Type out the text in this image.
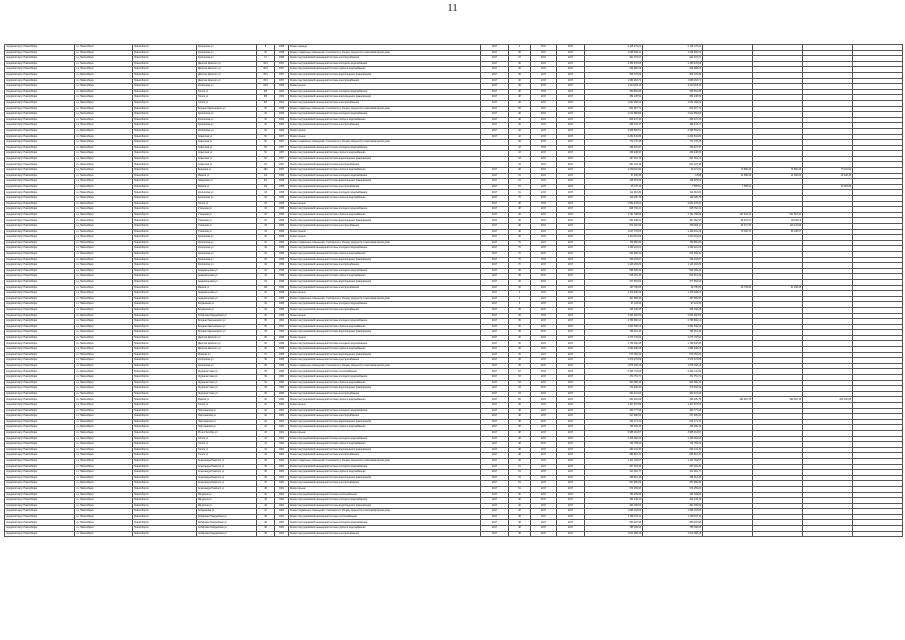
11
городской округ Новосибирск	г.о. Новосибирск	Новосибирск г	Кропоткина ул	9	1958	Ремонт фасада	2017	4	2017	2017	2 145 175,22	2 145 175,22				
городской округ Новосибирск	г.о. Новосибирск	Новосибирск г	Кропоткина ул	32	1958	Ремонт подвальных помещений, относящихся к общему имуществу в многоквартирном доме	2017	36	2017	2017	1 068 459,41	1 068 459,41				
городской округ Новосибирск	г.о. Новосибирск	Новосибирск г	Кропоткина ул	11	1958	Ремонт внутридомовой инженерной системы электроснабжения	2017	37	2017	2017	921 373,27	921 373,27				
городской округ Новосибирск	г.о. Новосибирск	Новосибирск г	Дмитрия Донского ул	35/1	1957	Ремонт внутридомовой инженерной системы холодного водоснабжения	2017	46	2017	2017	1 359 478,68	1 359 478,68				
городской округ Новосибирск	г.о. Новосибирск	Новосибирск г	Дмитрия Донского ул	35/1	1957	Ремонт внутридомовой инженерной системы горячего водоснабжения	2017	46	2017	2017	946 968,03	946 968,03				
городской округ Новосибирск	г.о. Новосибирск	Новосибирск г	Дмитрия Донского ул	35/1	1957	Ремонт внутридомовой инженерной системы водоотведения (канализации)	2017	46	2017	2017	506 376,09	506 376,09				
городской округ Новосибирск	г.о. Новосибирск	Новосибирск г	Дмитрия Донского ул	35/1	1957	Ремонт внутридомовой инженерной системы электроснабжения	2017	46	2017	2017	1 680 263,71	1 680 263,71				
городской округ Новосибирск	г.о. Новосибирск	Новосибирск г	Кропоткина ул	33/3	1958	Ремонт крыши	2017	45	2017	2017	2 243 263,11	2 243 263,11				
городской округ Новосибирск	г.о. Новосибирск	Новосибирск г	Гоголя ул	9/6	1962	Ремонт внутридомовой инженерной системы холодного водоснабжения	2017	48	2017	2017	959 864,88	959 864,88				
городской округ Новосибирск	г.о. Новосибирск	Новосибирск г	Гоголя ул	9/6	1962	Ремонт внутридомовой инженерной системы водоотведения (канализации)	2017	48	2017	2017	354 245,52	354 245,52				
городской округ Новосибирск	г.о. Новосибирск	Новосибирск г	Гоголя ул	9/6	1962	Ремонт внутридомовой инженерной системы электроснабжения	2017	48	2017	2017	1 061 268,42	1 061 268,42				
городской округ Новосибирск	г.о. Новосибирск	Новосибирск г	Богдана Хмельницкого ул	32	1958	Ремонт подвальных помещений, относящихся к общему имуществу в многоквартирном доме	2017	56	2017	2017	822 697,71	822 697,71				
городской округ Новосибирск	г.о. Новосибирск	Новосибирск г	Кропоткина ул	32	1962	Ремонт внутридомовой инженерной системы холодного водоснабжения	2017	48	2017	2017	1 612 856,86	1 612 856,86				
городской округ Новосибирск	г.о. Новосибирск	Новосибирск г	Кропоткина ул	32	1962	Ремонт внутридомовой инженерной системы горячего водоснабжения	2017	48	2017	2017	826 472,32	826 472,32				
городской округ Новосибирск	г.о. Новосибирск	Новосибирск г	Кропоткина ул	32	1962	Ремонт внутридомовой инженерной системы электроснабжения	2017	49	2017	2017	485 433,17	485 433,17				
городской округ Новосибирск	г.о. Новосибирск	Новосибирск г	Кропоткина ул	32	1962	Ремонт крыши	2017	42	2017	2017	2 968 584,51	2 968 584,51				
городской округ Новосибирск	г.о. Новосибирск	Новосибирск г	Советская ул	52	1957	Ремонт крыши	2017	42	2017	2017	2 262 841,86	2 262 841,86				
городской округ Новосибирск	г.о. Новосибирск	Новосибирск г	Советская ул	52	1957	Ремонт подвальных помещений, относящихся к общему имуществу в многоквартирном доме		56	2017	2017	774 776,48	774 776,48				
городской округ Новосибирск	г.о. Новосибирск	Новосибирск г	Советская ул	52	1957	Ремонт внутридомовой инженерной системы холодного водоснабжения		43	2017	2017	469 972,97	469 972,97				
городской округ Новосибирск	г.о. Новосибирск	Новосибирск г	Советская ул	52	1957	Ремонт внутридомовой инженерной системы горячего водоснабжения		43	2017	2017	269 448,93	269 448,93				
городской округ Новосибирск	г.о. Новосибирск	Новосибирск г	Советская ул	52	1957	Ремонт внутридомовой инженерной системы водоотведения (канализации)		43	2017	2017	497 261,73	497 261,73				
городской округ Новосибирск	г.о. Новосибирск	Новосибирск г	Советская ул	52	1957	Ремонт внутридомовой инженерной системы электроснабжения		43	2017	2017	861 223,19	861 223,19				
городской округ Новосибирск	г.о. Новосибирск	Новосибирск г	Бердская ул	28а	1957	Ремонт внутридомовой инженерной системы горячего водоснабжения	2017	38	2017	2017	1 039 611,90	63 371,82	76 882,28	76 882,28	75 115,62	
городской округ Новосибирск	г.о. Новосибирск	Новосибирск г	Марата ул	1/6	1958	Ремонт внутридомовой инженерной системы холодного водоснабжения	2017	61	2017	2017	57 238,38	8 845	14 508,06	14 508,06	20 428,18	
городской округ Новосибирск	г.о. Новосибирск	Новосибирск г	Абакумова ул	5/1	1958	Ремонт внутридомовой инженерной системы водоотведения (канализации)	2017	61	2017	2017	128 979,02	128 979,02				
городской округ Новосибирск	г.о. Новосибирск	Новосибирск г	Марата ул	1/6	1958	Ремонт внутридомовой инженерной системы электроснабжения	2017	61	2017	2017	25 175,16	7 555,61	7 555,61		10 063,85	
городской округ Новосибирск	г.о. Новосибирск	Новосибирск г	Кропоткина ул	33	1958	Ремонт внутридомовой инженерной системы холодного водоснабжения	2017	61	2017	2017	111 912,84	111 912,84				
городской округ Новосибирск	г.о. Новосибирск	Новосибирск г	Кропоткина ул	33	1958	Ремонт внутридомовой инженерной системы горячего водоснабжения	2017	76	2017	2017	149 036,79	149 036,79				
городской округ Новосибирск	г.о. Новосибирск	Новосибирск г	Гоголя ул	33	1958	Ремонт крыши	2017	48	2017	2017	4 652 478,64	4 652 478,64				
городской округ Новосибирск	г.о. Новосибирск	Новосибирск г	Уткинская ул	33	1958	Ремонт внутридомовой инженерной системы холодного водоснабжения	2017	48	2017	2017	625 762,21	625 762,21				
городской округ Новосибирск	г.о. Новосибирск	Новосибирск г	Уткинская ул	33	1959	Ремонт внутридомовой инженерной системы горячего водоснабжения	2017	48	2017	2017	1 791 788,65	1 781 788,65	161 542,21	202 597,51		
городской округ Новосибирск	г.о. Новосибирск	Новосибирск г	Уткинская ул	33	1959	Ремонт внутридомовой инженерной системы водоотведения (канализации)	2017	48	2017	2017	661 938,61	457 064,97	86 972,07	118 864,9		
городской округ Новосибирск	г.о. Новосибирск	Новосибирск г	Уткинская ул	33	1959	Ремонт внутридомовой инженерной системы электроснабжения	2017	48	2017	2017	572 462,52	368 683,11	25 471,78	113 443,98		
городской округ Новосибирск	г.о. Новосибирск	Новосибирск г	Уткинская ул	33	1959	Ремонт крыши	2017	48	2017	2017	1 017 778,06	1 448 941,19	70 032,70	66 198,57		
городской округ Новосибирск	г.о. Новосибирск	Новосибирск г	Кропоткина ул	32	1956	Ремонт крыши	2017	48	2017	2017	1 912 811,64	1 912 811,64				
городской округ Новосибирск	г.о. Новосибирск	Новосибирск г	Кропоткина ул	32	1956	Ремонт подвальных помещений, относящихся к общему имуществу в многоквартирном доме	2017	70	2017	2017	759 856,86	759 856,86				
городской округ Новосибирск	г.о. Новосибирск	Новосибирск г	Кропоткина ул	33	1959	Ремонт внутридомовой инженерной системы холодного водоснабжения	2017	70	2017	2017	1 269 224,04	1 269 224,04				
городской округ Новосибирск	г.о. Новосибирск	Новосибирск г	Кропоткина ул	32	1959	Ремонт внутридомовой инженерной системы горячего водоснабжения	2017	70	2017	2017	624 966,91	624 966,91				
городской округ Новосибирск	г.о. Новосибирск	Новосибирск г	Кропоткина ул	32	1959	Ремонт внутридомовой инженерной системы водоотведения (канализации)	2017	70	2017	2017	336 233,87	336 233,87				
городской округ Новосибирск	г.о. Новосибирск	Новосибирск г	Кропоткина ул	32	1959	Ремонт внутридомовой инженерной системы электроснабжения	2017	70	2017	2017	1 146 293,29	1 146 293,29				
городской округ Новосибирск	г.о. Новосибирск	Новосибирск г	Академическая ул	34	1958	Ремонт внутридомовой инженерной системы холодного водоснабжения	2017	45	2017	2017	599 389,42	599 389,42				
городской округ Новосибирск	г.о. Новосибирск	Новосибирск г	Академическая ул	34	1958	Ремонт внутридомовой инженерной системы горячего водоснабжения	2017	45	2017	2017	815 251,26	815 251,26				
городской округ Новосибирск	г.о. Новосибирск	Новосибирск г	Академическая ул	34	1958	Ремонт внутридомовой инженерной системы водоотведения (канализации)	2017	45	2017	2017	577 654,64	577 654,64				
городской округ Новосибирск	г.о. Новосибирск	Новосибирск г	Марата ул	115	1958	Ремонт внутридомовой инженерной системы электроснабжения	2017	45	2017	2017	137 790,05	26 735,60	26 735,60	61 158,28		
городской округ Новосибирск	г.о. Новосибирск	Новосибирск г	Академическая ул	34	1958	Ремонт крыши	2017	4	2017	2017	1 378 408,24	1 378 408,24				
городской округ Новосибирск	г.о. Новосибирск	Новосибирск г	Академическая ул	34	1958	Ремонт подвальных помещений, относящихся к общему имуществу в многоквартирном доме	2017	4	2017	2017	497 865,65	497 865,65				
городской округ Новосибирск	г.о. Новосибирск	Новосибирск г	Богдашкина ул	34	1958	Ремонт внутридомовой инженерной системы холодного водоснабжения	2017	6	2017	2017	97 123,06	97 123,06				
городской округ Новосибирск	г.о. Новосибирск	Новосибирск г	Богдашкина ул	34	1958	Ремонт внутридомовой инженерной системы электроснабжения	2017	45	2017	2017	436 336,28	436 336,28				
городской округ Новосибирск	г.о. Новосибирск	Новосибирск г	Сибирская Гвардейская ул	34	1958	Ремонт крыши	2017	45	2017	2017	1 523 002,53	1 523 002,53				
городской округ Новосибирск	г.о. Новосибирск	Новосибирск г	Богдана Хмельницкого ул	35	1954	Ремонт внутридомовой инженерной системы холодного водоснабжения	2017	45	2017	2017	2 769 692,14	2 769 692,14				
городской округ Новосибирск	г.о. Новосибирск	Новосибирск г	Богдана Хмельницкого ул	35	1954	Ремонт внутридомовой инженерной системы горячего водоснабжения	2017	45	2017	2017	1 944 536,13	1 944 536,13				
городской округ Новосибирск	г.о. Новосибирск	Новосибирск г	Богдана Хмельницкого ул	35	1954	Ремонт внутридомовой инженерной системы водоотведения (канализации)	2017	45	2017	2017	796 261,46	796 261,46				
городской округ Новосибирск	г.о. Новосибирск	Новосибирск г	Дмитрия Донского ул	36	1958	Ремонт крыши	2017	45	2017	2017	4 273 734,62	4 273 734,62				
городской округ Новосибирск	г.о. Новосибирск	Новосибирск г	Дмитрия Донского ул	36	1958	Ремонт внутридомовой инженерной системы холодного водоснабжения	2017	45	2017	2017	1 769 632,38	1 769 632,38				
городской округ Новосибирск	г.о. Новосибирск	Новосибирск г	Дмитрия Донского ул	36	1958	Ремонт внутридомовой инженерной системы горячего водоснабжения	2017	45	2017	2017	1 866 408,28	1 866 408,28				
городской округ Новосибирск	г.о. Новосибирск	Новосибирск г	Морская ул	37	1958	Ремонт внутридомовой инженерной системы водоотведения (канализации)	2017	45	2017	2017	573 352,02	573 352,02				
городской округ Новосибирск	г.о. Новосибирск	Новосибирск г	Кропоткина ул	38	1958	Ремонт внутридомовой инженерной системы электроснабжения	2017	45	2017	2017	1 978 476,89	1 978 476,89				
городской округ Новосибирск	г.о. Новосибирск	Новосибирск г	Кропоткина ул	38	1958	Ремонт подвальных помещений, относящихся к общему имуществу в многоквартирном доме	2017	45	2017	2017	1 875 192,16	1 875 192,16				
городской округ Новосибирск	г.о. Новосибирск	Новосибирск г	Журналистская ул	39	1960	Ремонт внутридомовой инженерной системы теплоснабжения	2017	53	2017	2017	2 426 741,06	2 426 741,06				
городской округ Новосибирск	г.о. Новосибирск	Новосибирск г	Журналистская ул	39	1960	Ремонт внутридомовой инженерной системы холодного водоснабжения	2017	53	2017	2017	471 751,71	471 751,71				
городской округ Новосибирск	г.о. Новосибирск	Новосибирск г	Журналистская ул	39	1960	Ремонт внутридомовой инженерной системы горячего водоснабжения	2017	53	2017	2017	963 080,46	963 080,46				
городской округ Новосибирск	г.о. Новосибирск	Новосибирск г	Журналистская ул	39	1960	Ремонт внутридомовой инженерной системы водоотведения (канализации)	2017	53	2017	2017	376 456,92	376 456,92				
городской округ Новосибирск	г.о. Новосибирск	Новосибирск г	Журналистская ул	39	1960	Ремонт внутридомовой инженерной системы электроснабжения	2017	53	2017	2017	932 421,06	932 421,06				
городской округ Новосибирск	г.о. Новосибирск	Новосибирск г	Марата ул	40	1960	Ремонт внутридомовой инженерной системы горячего водоснабжения	2017	55	2017	2017	820 204,99	168 495,75	192 615,78	192 615,78	200 125,68	
городской округ Новосибирск	г.о. Новосибирск	Новосибирск г	Гоголя ул	41	1961	Ремонт крыши	2017	48	2017	2017	1 347 637,84	1 347 637,84				
городской округ Новосибирск	г.о. Новосибирск	Новосибирск г	Партизанская ул	42	1961	Ремонт внутридомовой инженерной системы холодного водоснабжения	2017	48	2017	2017	463 777,08	463 777,08				
городской округ Новосибирск	г.о. Новосибирск	Новосибирск г	Партизанская ул	42	1961	Ремонт внутридомовой инженерной системы электроснабжения	2017	48	2017	2017	517 908,66	517 908,66				
городской округ Новосибирск	г.о. Новосибирск	Новосибирск г	Партизанская ул	42	1961	Ремонт внутридомовой инженерной системы водоотведения (канализации)	2017	48	2017	2017	224 171,61	224 171,61				
городской округ Новосибирск	г.о. Новосибирск	Новосибирск г	Партизанская ул	42	1961	Ремонт внутридомовой инженерной системы горячего водоснабжения	2017	48	2017	2017	736 609,15	736 609,15				
городской округ Новосибирск	г.о. Новосибирск	Новосибирск г	25 лет Октября ул	43	1961	Ремонт крыши	2017	48	2017	2017	3 985 161,57	3 985 161,57				
городской округ Новосибирск	г.о. Новосибирск	Новосибирск г	Гоголя ул	44	1961	Ремонт внутридомовой инженерной системы холодного водоснабжения	2017	48	2017	2017	1 228 062,63	1 228 062,63				
городской округ Новосибирск	г.о. Новосибирск	Новосибирск г	Гоголя ул	44	1961	Ремонт внутридомовой инженерной системы горячего водоснабжения	2017	48	2017	2017	724 759,02	724 759,02				
городской округ Новосибирск	г.о. Новосибирск	Новосибирск г	Гоголя ул	44	1961	Ремонт внутридомовой инженерной системы водоотведения (канализации)	2017	48	2017	2017	293 134,36	293 134,36				
городской округ Новосибирск	г.о. Новосибирск	Новосибирск г	Гоголя ул	44	1961	Ремонт внутридомовой инженерной системы электроснабжения	2017	48	2017	2017	886 810,31	886 810,31				
городской округ Новосибирск	г.о. Новосибирск	Новосибирск г	Александра Невского ул	45	1961	Ремонт подвальных помещений, относящихся к общему имуществу в многоквартирном доме	2017	48	2017	2017	1 141 702,57	1 141 702,57				
городской округ Новосибирск	г.о. Новосибирск	Новосибирск г	Александра Невского ул	45	1961	Ремонт внутридомовой инженерной системы холодного водоснабжения	2017	51	2017	2017	257 003,32	257 003,32				
городской округ Новосибирск	г.о. Новосибирск	Новосибирск г	Александра Невского ул	45	1961	Ремонт внутридомовой инженерной системы горячего водоснабжения	2017	51	2017	2017	211 691,77	211 691,77				
городской округ Новосибирск	г.о. Новосибирск	Новосибирск г	Александра Невского ул	45	1961	Ремонт внутридомовой инженерной системы водоотведения (канализации)	2017	51	2017	2017	198 612,46	198 612,46				
городской округ Новосибирск	г.о. Новосибирск	Новосибирск г	Александра Невского ул	45	1961	Ремонт внутридомовой инженерной системы электроснабжения	2017	51	2017	2017	607 890,69	607 890,69				
городской округ Новосибирск	г.о. Новосибирск	Новосибирск г	Александра Невского ул	45	1961	Ремонт крыши	2017	51	2017	2017	974 259,93	974 259,93				
городской округ Новосибирск	г.о. Новосибирск	Новосибирск г	Мичурина ул	46	1961	Ремонт внутридомовой инженерной системы теплоснабжения	2017	40	2017	2017	766 299,86	766 299,86				
городской округ Новосибирск	г.о. Новосибирск	Новосибирск г	Мичурина ул	46	1961	Ремонт внутридомовой инженерной системы холодного водоснабжения	2017	40	2017	2017	304 449,42	304 449,42				
городской округ Новосибирск	г.о. Новосибирск	Новосибирск г	Мичурина ул	46	1961	Ремонт внутридомовой инженерной системы водоотведения (канализации)	2017	40	2017	2017	491 155,06	491 155,06				
городской округ Новосибирск	г.о. Новосибирск	Новосибирск г	Сибревкома ул	47	1961	Ремонт подвальных помещений, относящихся к общему имуществу в многоквартирном доме	2017	40	2017	2017	1 695 153,84	1 695 153,84				
городской округ Новосибирск	г.о. Новосибирск	Новосибирск г	Сибирская Гвардейская ул	48	1961	Ремонт внутридомовой инженерной системы теплоснабжения	2017	48	2017	2017	1 168 153,11	1 168 153,11				
городской округ Новосибирск	г.о. Новосибирск	Новосибирск г	Сибирская Гвардейская ул	48	1961	Ремонт внутридомовой инженерной системы холодного водоснабжения	2017	48	2017	2017	553 187,68	553 187,68				
городской округ Новосибирск	г.о. Новосибирск	Новосибирск г	Сибирская Гвардейская ул	48	1961	Ремонт внутридомовой инженерной системы горячего водоснабжения	2017	48	2017	2017	785 039,06	785 039,06				
городской округ Новосибирск	г.о. Новосибирск	Новосибирск г	Сибирская Гвардейская ул	48	1961	Ремонт внутридомовой инженерной системы электроснабжения	2017	48	2017	2017	1 612 088,16	1 612 088,16				
